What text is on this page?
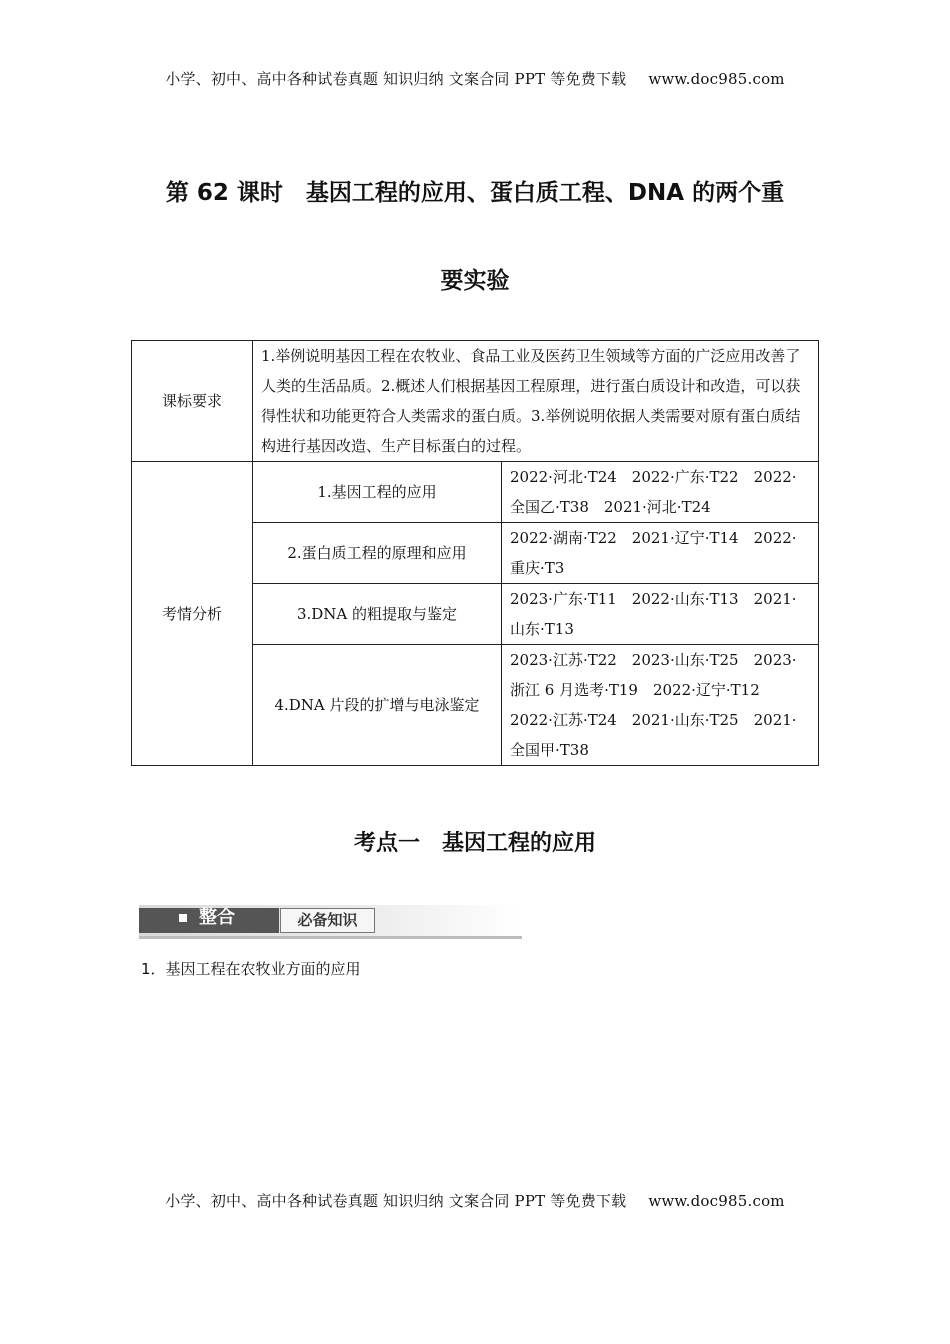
小学、初中、高中各种试卷真题 知识归纳 文案合同 PPT 等免费下载 www.doc985.com
第 62 课时　基因工程的应用、蛋白质工程、DNA 的两个重
要实验
课标要求	1.举例说明基因工程在农牧业、食品工业及医药卫生领域等方面的广泛应用改善了人类的生活品质。2.概述人们根据基因工程原理，进行蛋白质设计和改造，可以获得性状和功能更符合人类需求的蛋白质。3.举例说明依据人类需要对原有蛋白质结构进行基因改造、生产目标蛋白的过程。	
考情分析	1.基因工程的应用	2022·河北·T24　2022·广东·T22　2022·全国乙·T38　2021·河北·T24
	2.蛋白质工程的原理和应用	2022·湖南·T22　2021·辽宁·T14　2022·重庆·T3
	3.DNA 的粗提取与鉴定	2023·广东·T11　2022·山东·T13　2021·山东·T13
	4.DNA 片段的扩增与电泳鉴定	2023·江苏·T22　2023·山东·T25　2023·浙江 6 月选考·T19　2022·辽宁·T12　2022·江苏·T24　2021·山东·T25　2021·全国甲·T38
考点一　基因工程的应用
整合	必备知识
1．基因工程在农牧业方面的应用
小学、初中、高中各种试卷真题 知识归纳 文案合同 PPT 等免费下载 www.doc985.com
